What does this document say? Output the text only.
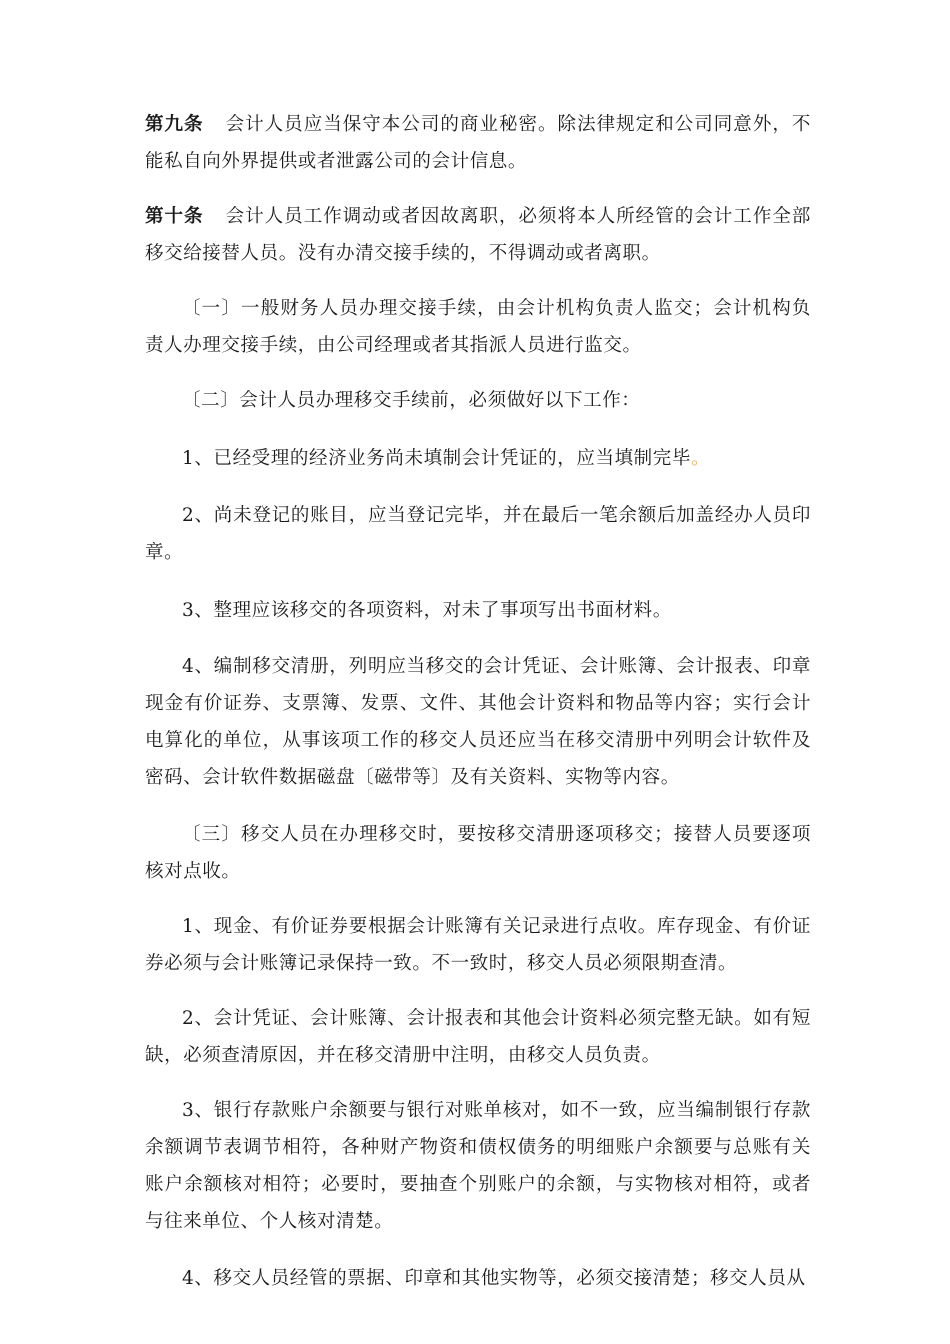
第九条 会计人员应当保守本公司的商业秘密。除法律规定和公司同意外，不能私自向外界提供或者泄露公司的会计信息。

第十条 会计人员工作调动或者因故离职，必须将本人所经管的会计工作全部移交给接替人员。没有办清交接手续的，不得调动或者离职。

〔一〕一般财务人员办理交接手续，由会计机构负责人监交；会计机构负责人办理交接手续，由公司经理或者其指派人员进行监交。

〔二〕会计人员办理移交手续前，必须做好以下工作：

1、已经受理的经济业务尚未填制会计凭证的，应当填制完毕。

2、尚未登记的账目，应当登记完毕，并在最后一笔余额后加盖经办人员印章。

3、整理应该移交的各项资料，对未了事项写出书面材料。

4、编制移交清册，列明应当移交的会计凭证、会计账簿、会计报表、印章现金有价证券、支票簿、发票、文件、其他会计资料和物品等内容；实行会计电算化的单位，从事该项工作的移交人员还应当在移交清册中列明会计软件及密码、会计软件数据磁盘〔磁带等〕及有关资料、实物等内容。

〔三〕移交人员在办理移交时，要按移交清册逐项移交；接替人员要逐项核对点收。

1、现金、有价证券要根据会计账簿有关记录进行点收。库存现金、有价证券必须与会计账簿记录保持一致。不一致时，移交人员必须限期查清。

2、会计凭证、会计账簿、会计报表和其他会计资料必须完整无缺。如有短缺，必须查清原因，并在移交清册中注明，由移交人员负责。

3、银行存款账户余额要与银行对账单核对，如不一致，应当编制银行存款余额调节表调节相符，各种财产物资和债权债务的明细账户余额要与总账有关账户余额核对相符；必要时，要抽查个别账户的余额，与实物核对相符，或者与往来单位、个人核对清楚。

4、移交人员经管的票据、印章和其他实物等，必须交接清楚；移交人员从
